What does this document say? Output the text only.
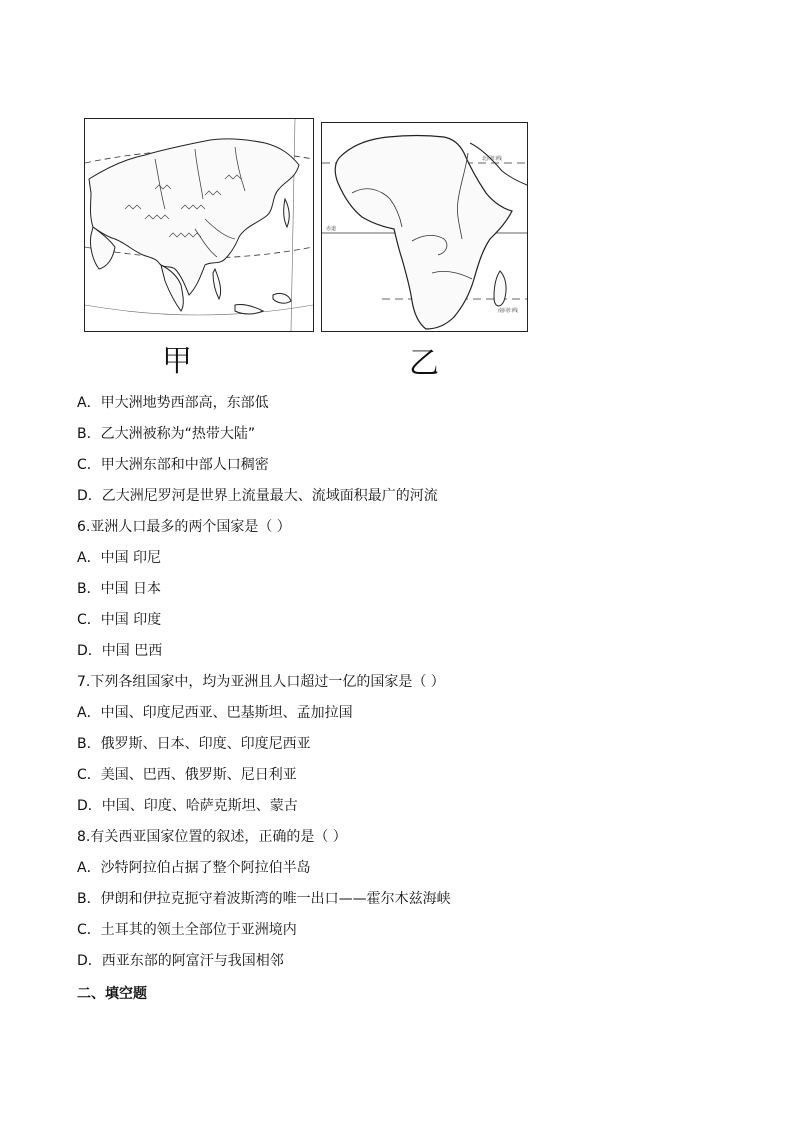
赤道
北回归线
南回归线
甲	乙
A．甲大洲地势西部高，东部低
B．乙大洲被称为“热带大陆”
C．甲大洲东部和中部人口稠密
D．乙大洲尼罗河是世界上流量最大、流域面积最广的河流
6.亚洲人口最多的两个国家是（ ）
A．中国 印尼
B．中国 日本
C．中国 印度
D．中国 巴西
7.下列各组国家中，均为亚洲且人口超过一亿的国家是（ ）
A．中国、印度尼西亚、巴基斯坦、孟加拉国
B．俄罗斯、日本、印度、印度尼西亚
C．美国、巴西、俄罗斯、尼日利亚
D．中国、印度、哈萨克斯坦、蒙古
8.有关西亚国家位置的叙述，正确的是（ ）
A．沙特阿拉伯占据了整个阿拉伯半岛
B．伊朗和伊拉克扼守着波斯湾的唯一出口——霍尔木兹海峡
C．土耳其的领土全部位于亚洲境内
D．西亚东部的阿富汗与我国相邻
二、填空题
